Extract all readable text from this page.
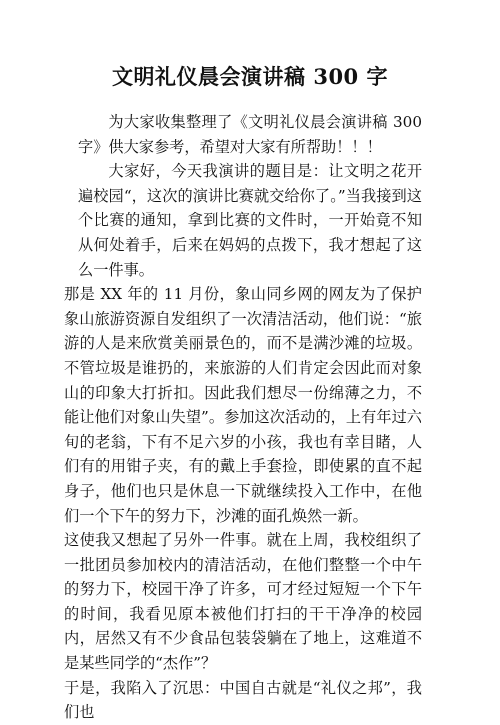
文明礼仪晨会演讲稿 300 字

为大家收集整理了《文明礼仪晨会演讲稿 300 字》供大家参考，希望对大家有所帮助！！！

大家好，今天我演讲的题目是：让文明之花开遍校园“，这次的演讲比赛就交给你了。”当我接到这个比赛的通知，拿到比赛的文件时，一开始竟不知从何处着手，后来在妈妈的点拨下，我才想起了这么一件事。

那是 XX 年的 11 月份，象山同乡网的网友为了保护象山旅游资源自发组织了一次清洁活动，他们说：“旅游的人是来欣赏美丽景色的，而不是满沙滩的垃圾。不管垃圾是谁扔的，来旅游的人们肯定会因此而对象山的印象大打折扣。因此我们想尽一份绵薄之力，不能让他们对象山失望”。参加这次活动的，上有年过六旬的老翁，下有不足六岁的小孩，我也有幸目睹，人们有的用钳子夹，有的戴上手套捡，即使累的直不起身子，他们也只是休息一下就继续投入工作中，在他们一个下午的努力下，沙滩的面孔焕然一新。

这使我又想起了另外一件事。就在上周，我校组织了一批团员参加校内的清洁活动，在他们整整一个中午的努力下，校园干净了许多，可才经过短短一个下午的时间，我看见原本被他们打扫的干干净净的校园内，居然又有不少食品包装袋躺在了地上，这难道不是某些同学的“杰作”？

于是，我陷入了沉思：中国自古就是“礼仪之邦”，我们也
